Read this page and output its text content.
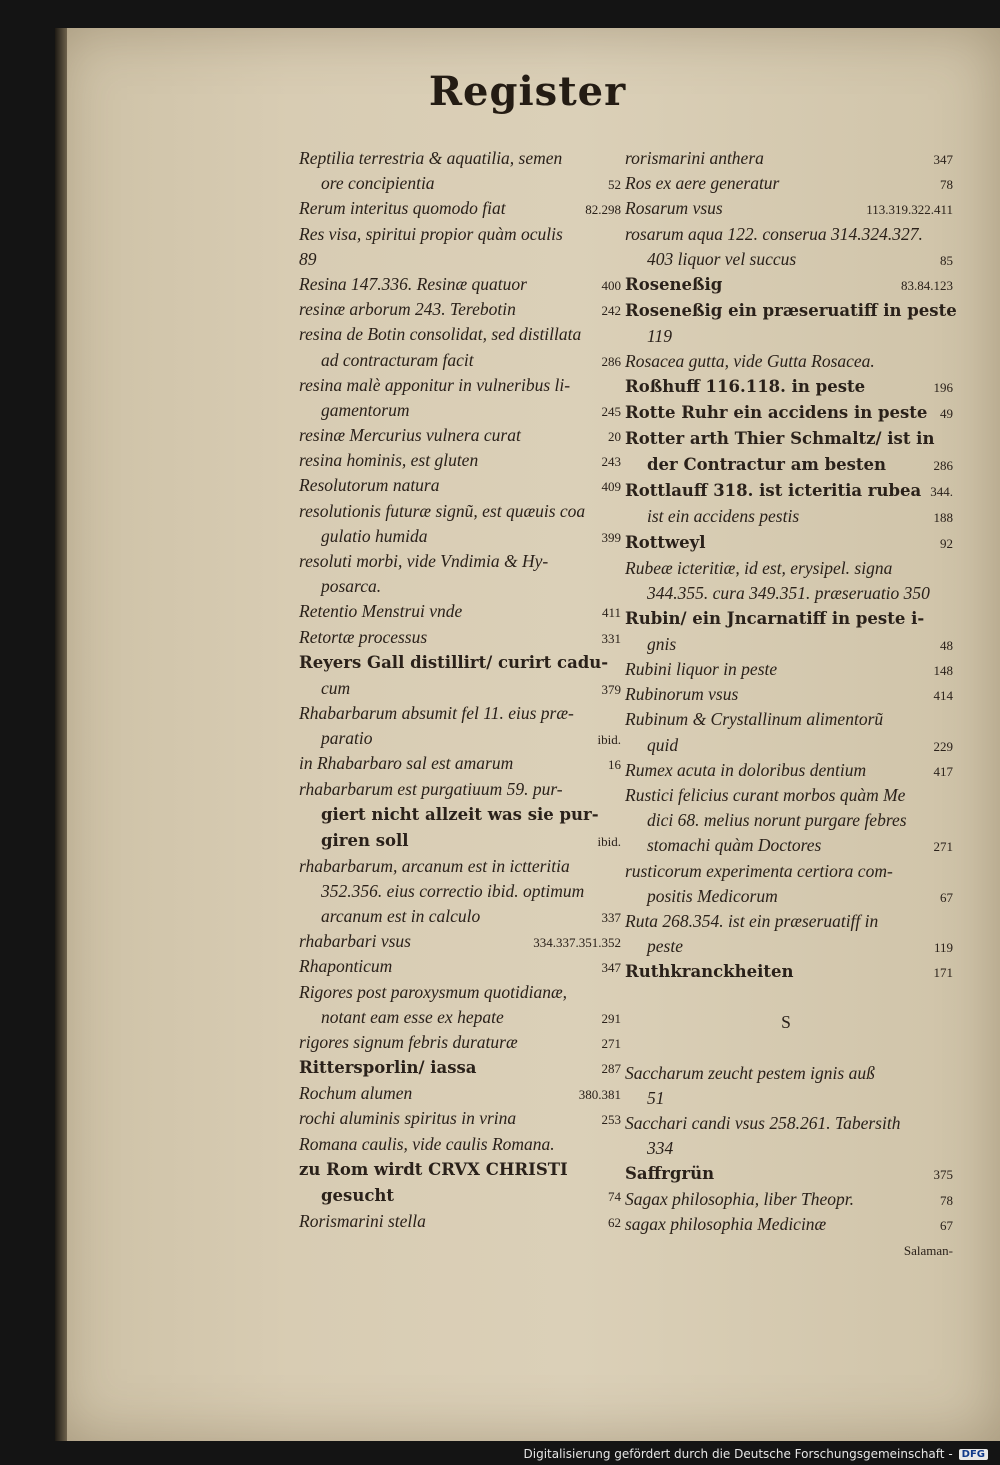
Register
Reptilia terrestria & aquatilia, semen
ore concipientia	52
Rerum interitus quomodo fiat	82.298
Res visa, spiritui propior quàm oculis
89
Resina 147.336. Resinæ quatuor	400
resinæ arborum 243. Terebotin	242
resina de Botin consolidat, sed distillata
ad contracturam facit	286
resina malè apponitur in vulneribus li-
gamentorum	245
resinæ Mercurius vulnera curat	20
resina hominis, est gluten	243
Resolutorum natura	409
resolutionis futuræ signũ, est quæuis coa
gulatio humida	399
resoluti morbi, vide Vndimia & Hy-
posarca.
Retentio Menstrui vnde	411
Retortæ processus	331
Reyers Gall distillirt/ curirt cadu-
cum	379
Rhabarbarum absumit fel 11. eius præ-
paratio	ibid.
in Rhabarbaro sal est amarum	16
rhabarbarum est purgatiuum 59. pur-
giert nicht allzeit was sie pur-
giren soll	ibid.
rhabarbarum, arcanum est in ictteritia
352.356. eius correctio ibid. optimum
arcanum est in calculo	337
rhabarbari vsus	334.337.351.352
Rhaponticum	347
Rigores post paroxysmum quotidianæ,
notant eam esse ex hepate	291
rigores signum febris duraturæ	271
Rittersporlin/ iassa	287
Rochum alumen	380.381
rochi aluminis spiritus in vrina	253
Romana caulis, vide caulis Romana.
zu Rom wirdt CRVX CHRISTI
gesucht	74
Rorismarini stella	62
rorismarini anthera	347
Ros ex aere generatur	78
Rosarum vsus	113.319.322.411
rosarum aqua 122. conserua 314.324.327.
403 liquor vel succus	85
Roseneßig	83.84.123
Roseneßig ein præseruatiff in peste
119
Rosacea gutta, vide Gutta Rosacea.
Roßhuff 116.118. in peste	196
Rotte Ruhr ein accidens in peste 49
Rotter arth Thier Schmaltz/ ist in
der Contractur am besten	286
Rottlauff 318. ist icteritia rubea 344.
ist ein accidens pestis	188
Rottweyl	92
Rubeæ icteritiæ, id est, erysipel. signa
344.355. cura 349.351. præseruatio 350
Rubin/ ein Jncarnatiff in peste i-
gnis	48
Rubini liquor in peste	148
Rubinorum vsus	414
Rubinum & Crystallinum alimentorũ
quid	229
Rumex acuta in doloribus dentium	417
Rustici felicius curant morbos quàm Me
dici 68. melius norunt purgare febres
stomachi quàm Doctores	271
rusticorum experimenta certiora com-
positis Medicorum	67
Ruta 268.354. ist ein præseruatiff in
peste	119
Ruthkranckheiten	171
S
Saccharum zeucht pestem ignis auß
51
Sacchari candi vsus 258.261. Tabersith
334
Saffrgrün	375
Sagax philosophia, liber Theopr.	78
sagax philosophia Medicinæ	67
Salaman-
Digitalisierung gefördert durch die Deutsche Forschungsgemeinschaft - DFG
